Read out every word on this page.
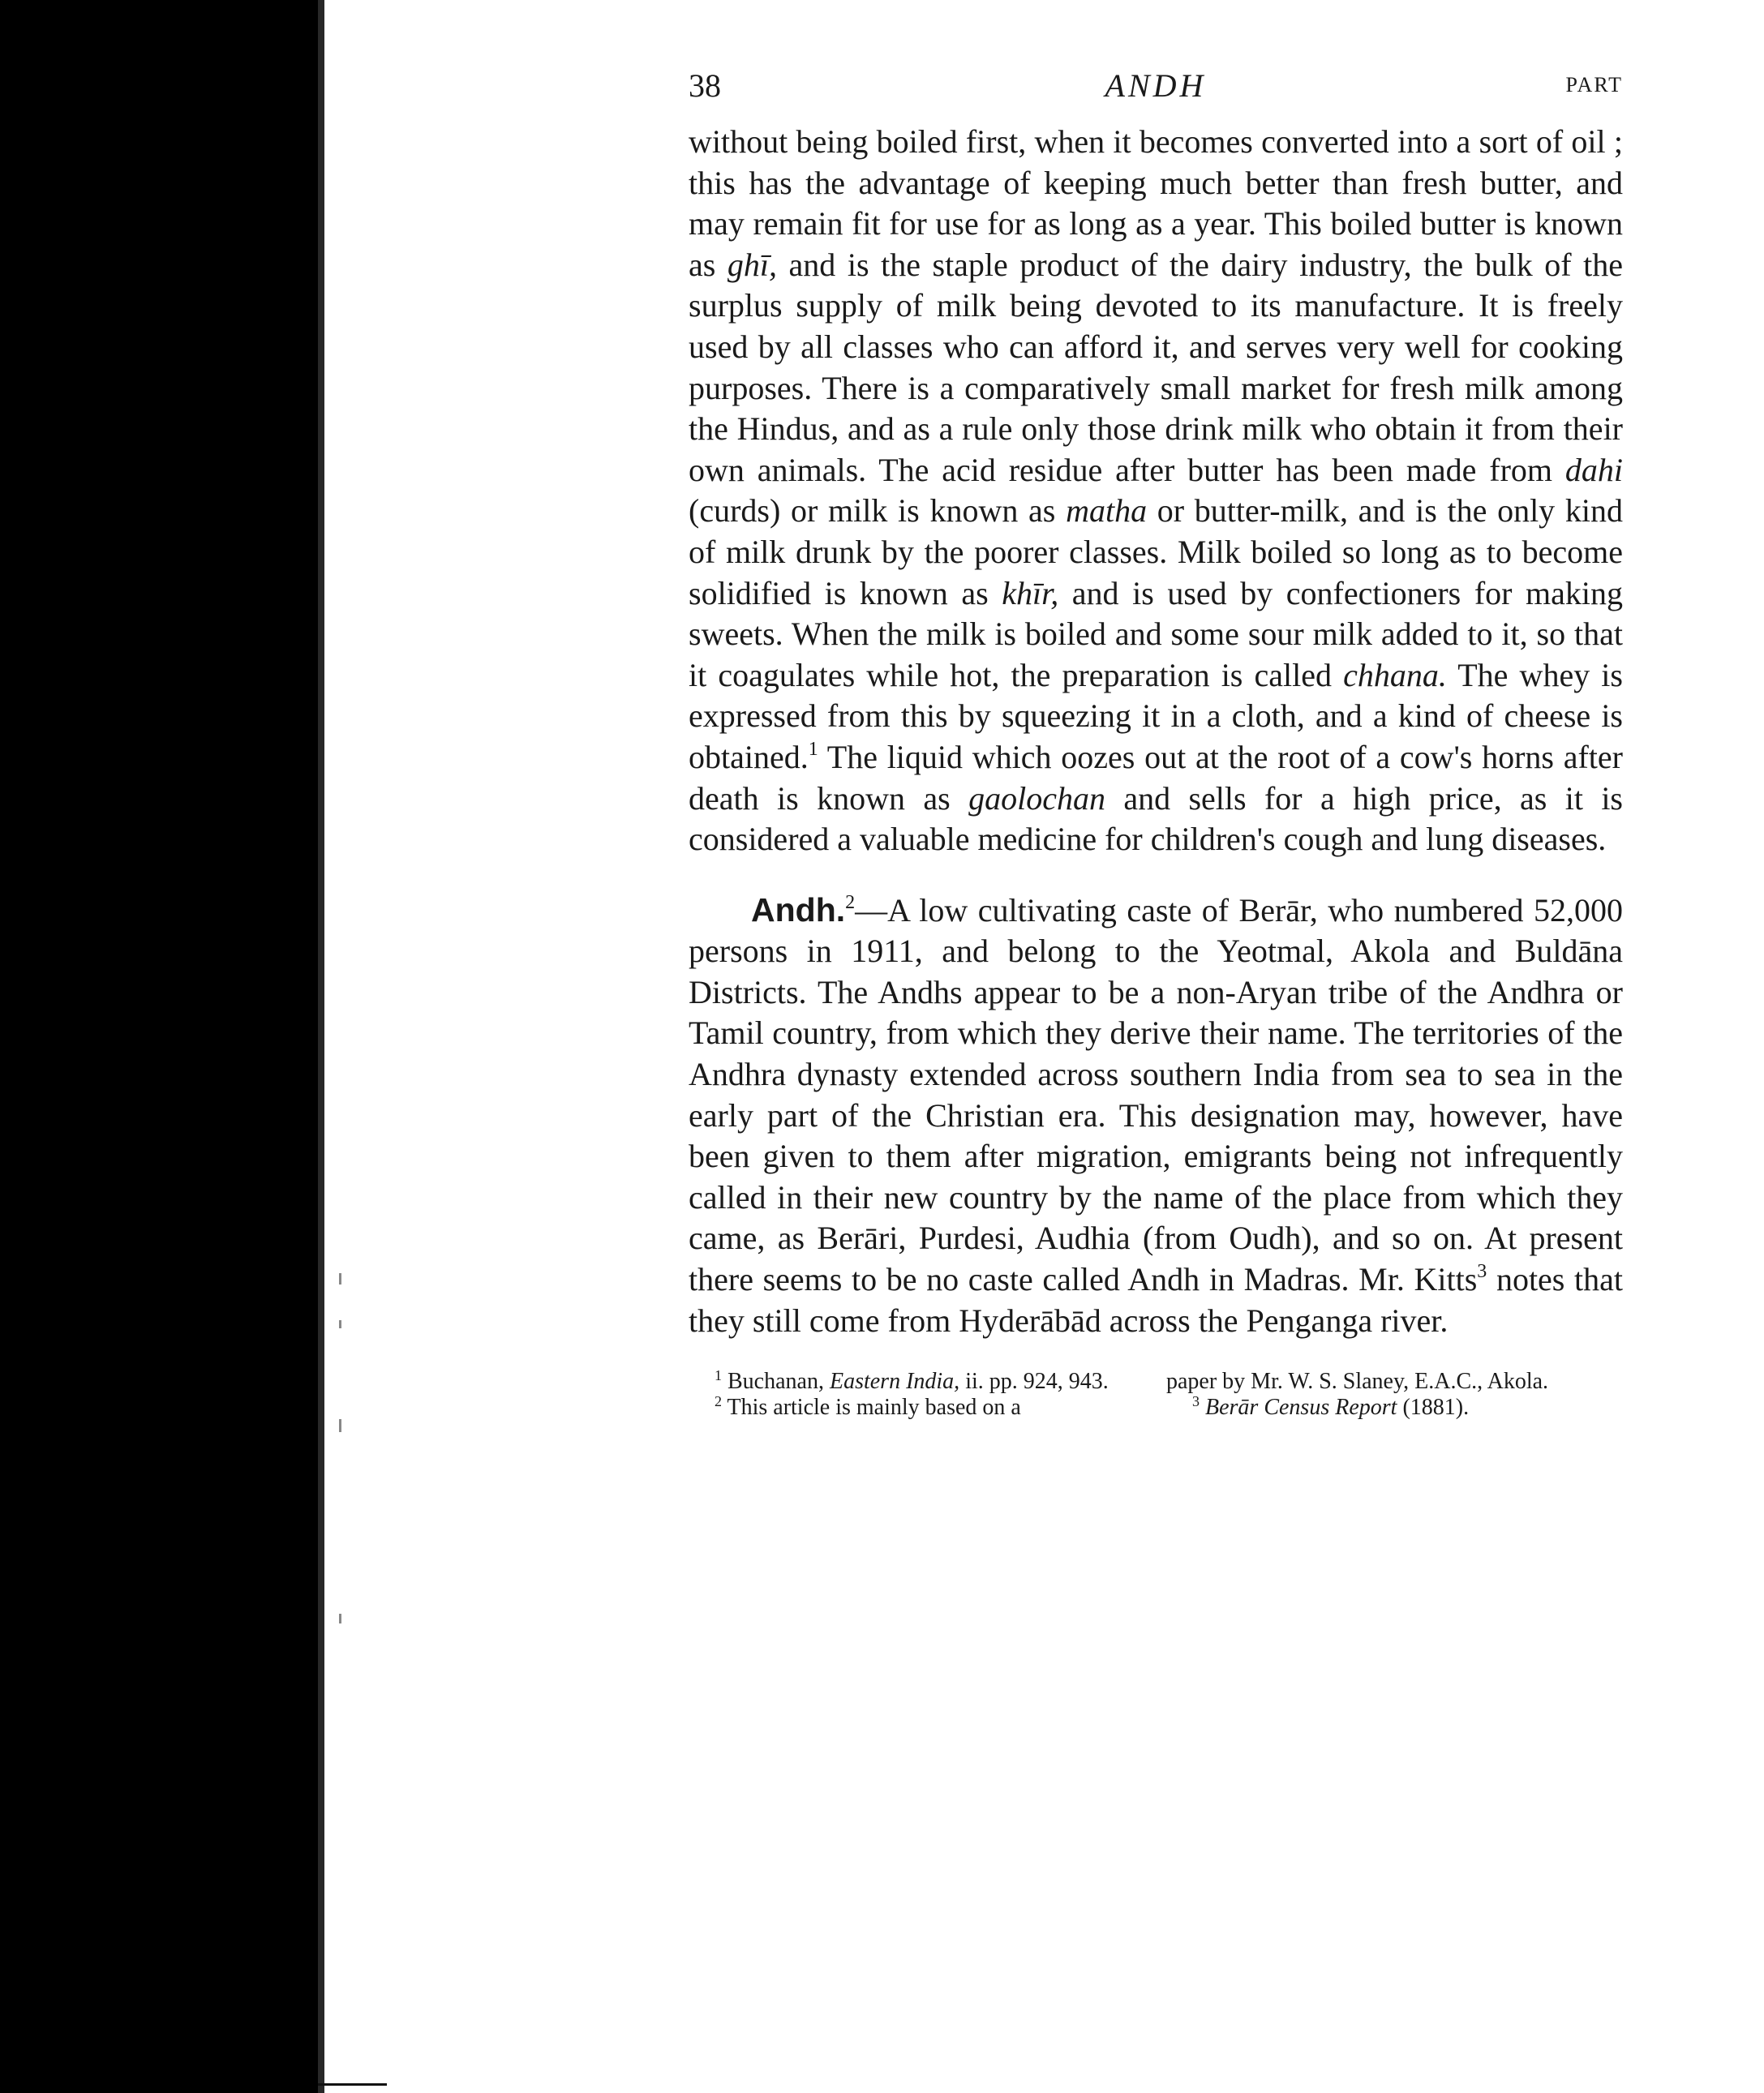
38	ANDH	PART

without being boiled first, when it becomes converted into a sort of oil ; this has the advantage of keeping much better than fresh butter, and may remain fit for use for as long as a year. This boiled butter is known as ghī, and is the staple product of the dairy industry, the bulk of the surplus supply of milk being devoted to its manufacture. It is freely used by all classes who can afford it, and serves very well for cooking purposes. There is a comparatively small market for fresh milk among the Hindus, and as a rule only those drink milk who obtain it from their own animals. The acid residue after butter has been made from dahi (curds) or milk is known as matha or butter-milk, and is the only kind of milk drunk by the poorer classes. Milk boiled so long as to become solidified is known as khīr, and is used by confectioners for making sweets. When the milk is boiled and some sour milk added to it, so that it coagulates while hot, the preparation is called chhana. The whey is expressed from this by squeezing it in a cloth, and a kind of cheese is obtained.$^1$ The liquid which oozes out at the root of a cow's horns after death is known as gaolochan and sells for a high price, as it is considered a valuable medicine for children's cough and lung diseases.

Andh.$^2$—A low cultivating caste of Berār, who numbered 52,000 persons in 1911, and belong to the Yeotmal, Akola and Buldāna Districts. The Andhs appear to be a non-Aryan tribe of the Andhra or Tamil country, from which they derive their name. The territories of the Andhra dynasty extended across southern India from sea to sea in the early part of the Christian era. This designation may, however, have been given to them after migration, emigrants being not infrequently called in their new country by the name of the place from which they came, as Berāri, Purdesi, Audhia (from Oudh), and so on. At present there seems to be no caste called Andh in Madras. Mr. Kitts$^3$ notes that they still come from Hyderābād across the Penganga river.

$^1$ Buchanan, Eastern India, ii. pp. 924, 943.

$^2$ This article is mainly based on a

paper by Mr. W. S. Slaney, E.A.C., Akola.

$^3$ Berār Census Report (1881).
